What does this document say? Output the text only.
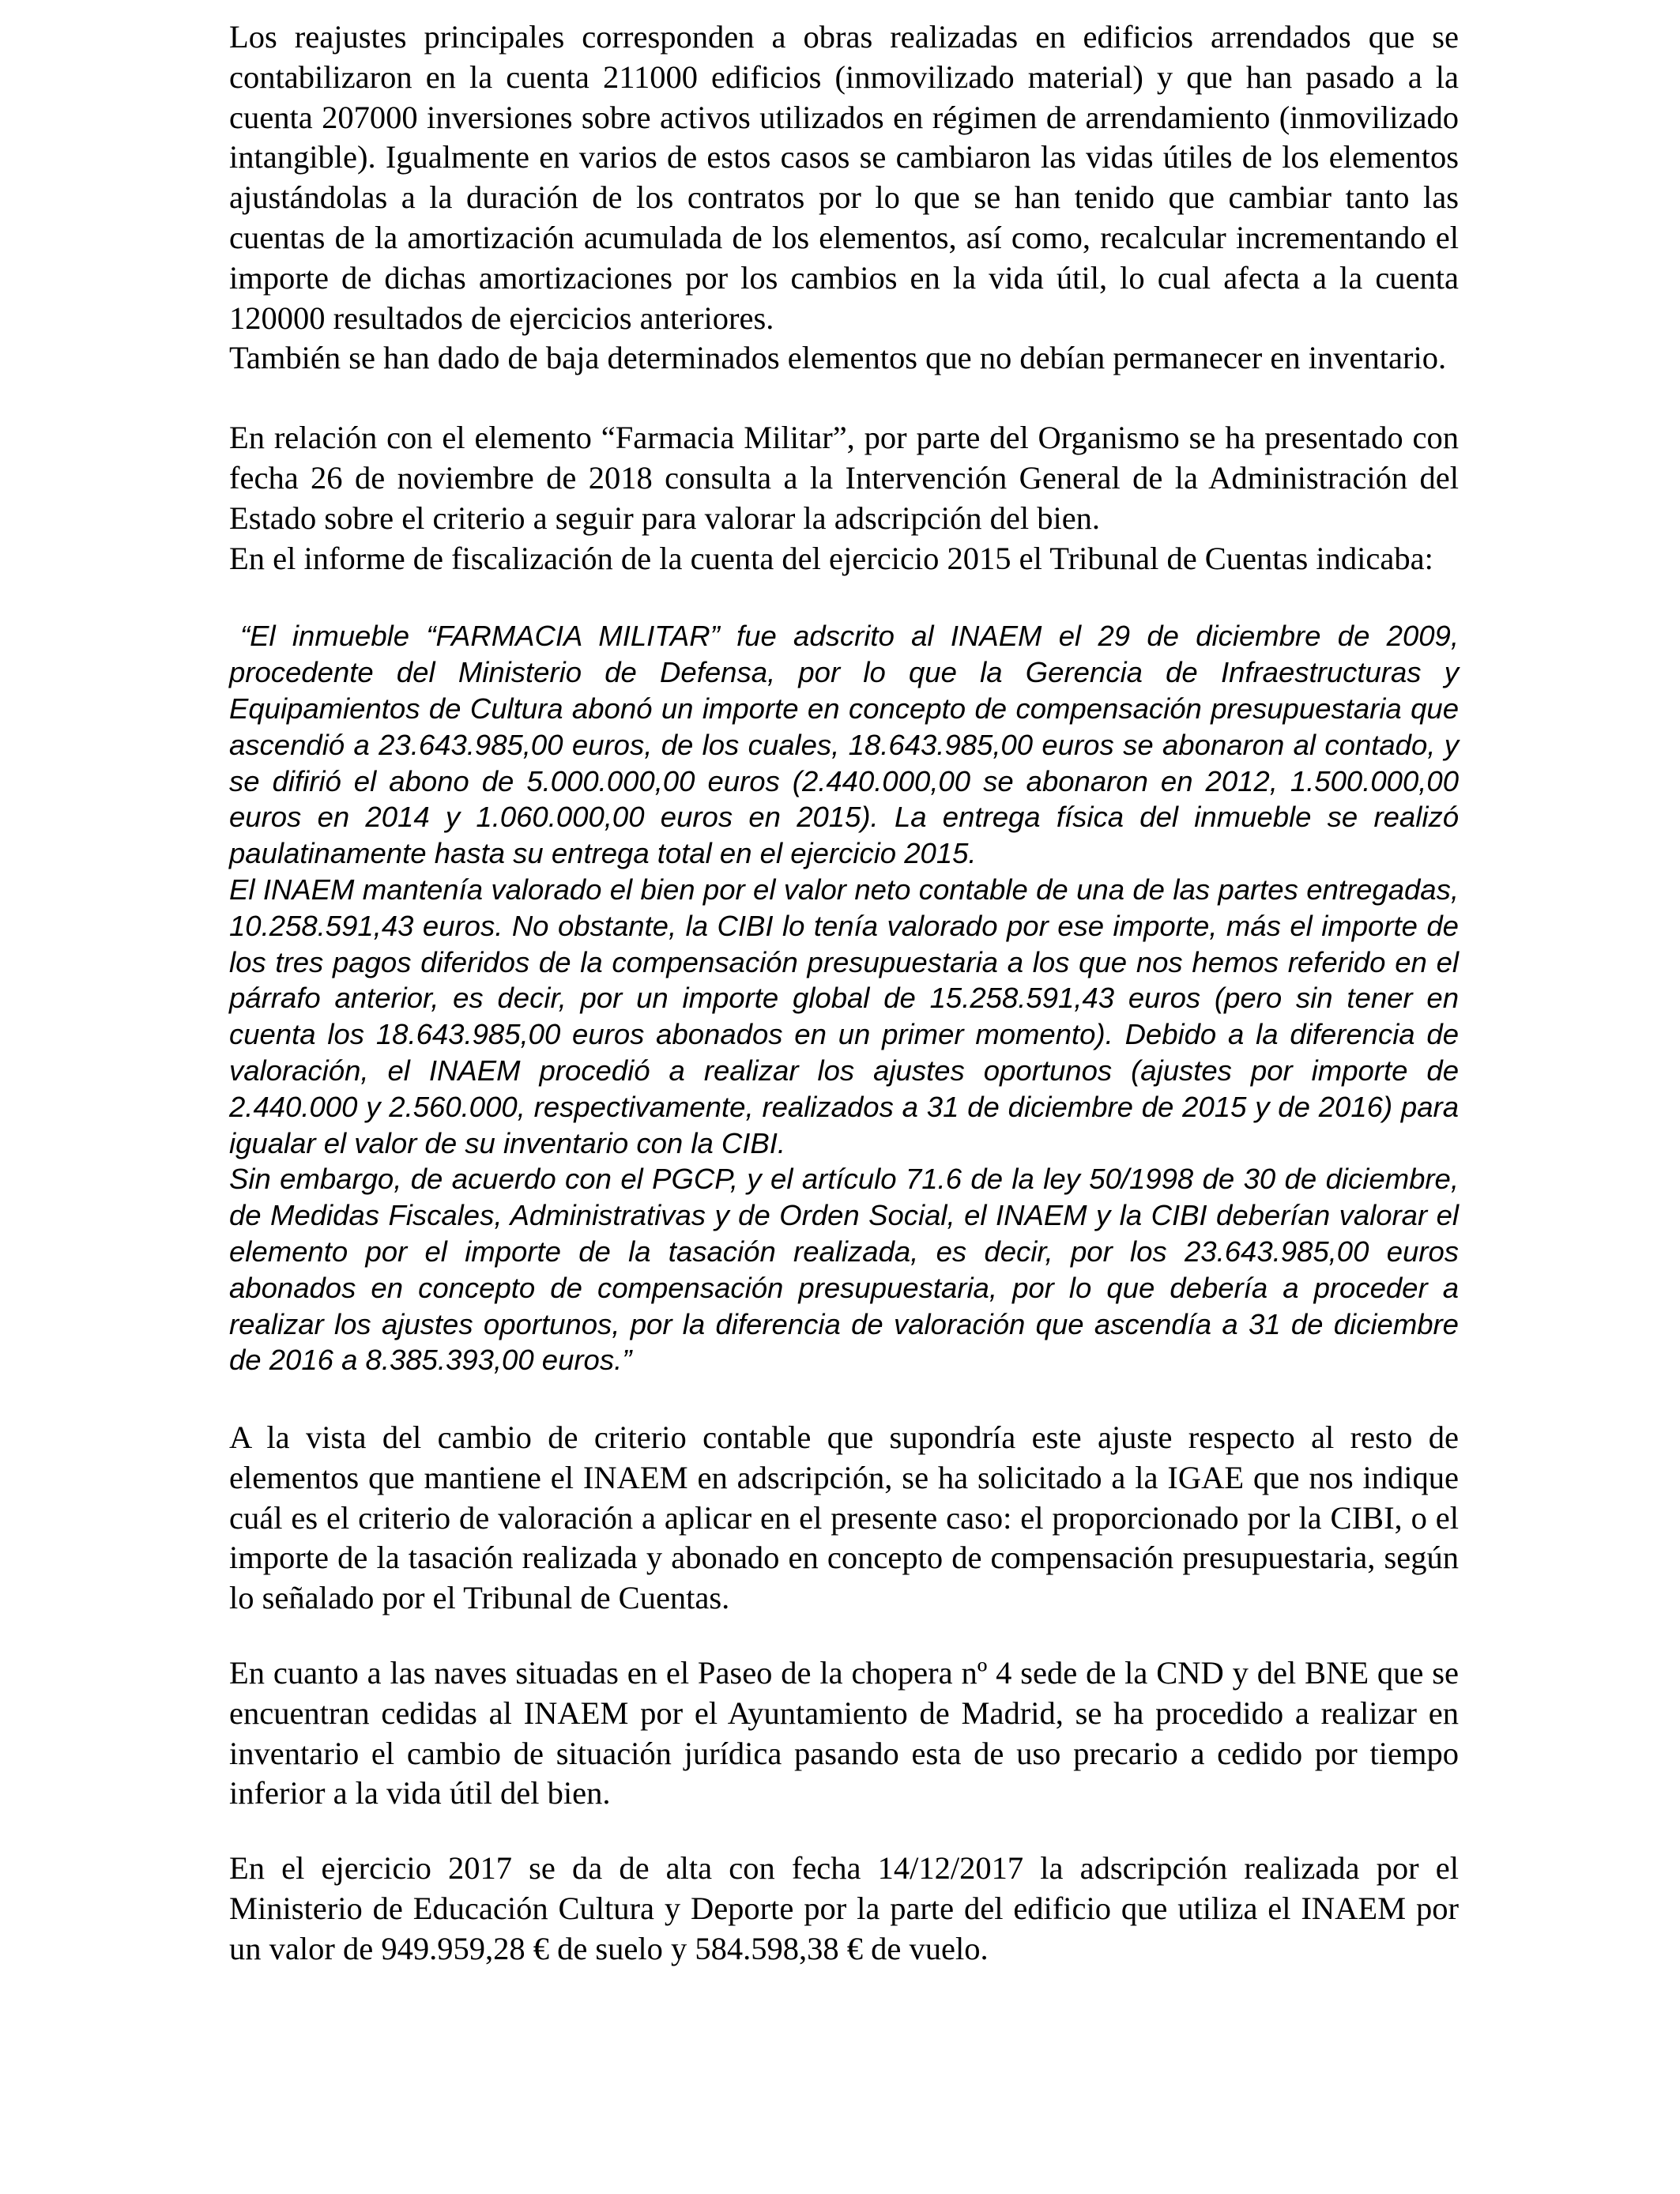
Los reajustes principales corresponden a obras realizadas en edificios arrendados que se contabilizaron en la cuenta 211000 edificios (inmovilizado material) y que han pasado a la cuenta 207000 inversiones sobre activos utilizados en régimen de arrendamiento (inmovilizado intangible). Igualmente en varios de estos casos se cambiaron las vidas útiles de los elementos ajustándolas a la duración de los contratos por lo que se han tenido que cambiar tanto las cuentas de la amortización acumulada de los elementos, así como, recalcular incrementando el importe de dichas amortizaciones por los cambios en la vida útil, lo cual afecta a la cuenta 120000 resultados de ejercicios anteriores.

También se han dado de baja determinados elementos que no debían permanecer en inventario.

En relación con el elemento “Farmacia Militar”, por parte del Organismo se ha presentado con fecha 26 de noviembre de 2018 consulta a la Intervención General de la Administración del Estado sobre el criterio a seguir para valorar la adscripción del bien.

En el informe de fiscalización de la cuenta del ejercicio 2015 el Tribunal de Cuentas indicaba:

“El inmueble “FARMACIA MILITAR” fue adscrito al INAEM el 29 de diciembre de 2009, procedente del Ministerio de Defensa, por lo que la Gerencia de Infraestructuras y Equipamientos de Cultura abonó un importe en concepto de compensación presupuestaria que ascendió a 23.643.985,00 euros, de los cuales, 18.643.985,00 euros se abonaron al contado, y se difirió el abono de 5.000.000,00 euros (2.440.000,00 se abonaron en 2012, 1.500.000,00 euros en 2014 y 1.060.000,00 euros en 2015). La entrega física del inmueble se realizó paulatinamente hasta su entrega total en el ejercicio 2015.

El INAEM mantenía valorado el bien por el valor neto contable de una de las partes entregadas, 10.258.591,43 euros. No obstante, la CIBI lo tenía valorado por ese importe, más el importe de los tres pagos diferidos de la compensación presupuestaria a los que nos hemos referido en el párrafo anterior, es decir, por un importe global de 15.258.591,43 euros (pero sin tener en cuenta los 18.643.985,00 euros abonados en un primer momento). Debido a la diferencia de valoración, el INAEM procedió a realizar los ajustes oportunos (ajustes por importe de 2.440.000 y 2.560.000, respectivamente, realizados a 31 de diciembre de 2015 y de 2016) para igualar el valor de su inventario con la CIBI.

Sin embargo, de acuerdo con el PGCP, y el artículo 71.6 de la ley 50/1998 de 30 de diciembre, de Medidas Fiscales, Administrativas y de Orden Social, el INAEM y la CIBI deberían valorar el elemento por el importe de la tasación realizada, es decir, por los 23.643.985,00 euros abonados en concepto de compensación presupuestaria, por lo que debería a proceder a realizar los ajustes oportunos, por la diferencia de valoración que ascendía a 31 de diciembre de 2016 a 8.385.393,00 euros.”

A la vista del cambio de criterio contable que supondría este ajuste respecto al resto de elementos que mantiene el INAEM en adscripción, se ha solicitado a la IGAE que nos indique cuál es el criterio de valoración a aplicar en el presente caso: el proporcionado por la CIBI, o el importe de la tasación realizada y abonado en concepto de compensación presupuestaria, según lo señalado por el Tribunal de Cuentas.

En cuanto a las naves situadas en el Paseo de la chopera nº 4 sede de la CND y del BNE que se encuentran cedidas al INAEM por el Ayuntamiento de Madrid, se ha procedido a realizar en inventario el cambio de situación jurídica pasando esta de uso precario a cedido por tiempo inferior a la vida útil del bien.

En el ejercicio 2017 se da de alta con fecha 14/12/2017 la adscripción realizada por el Ministerio de Educación Cultura y Deporte por la parte del edificio que utiliza el INAEM por un valor de 949.959,28 € de suelo y 584.598,38 € de vuelo.
